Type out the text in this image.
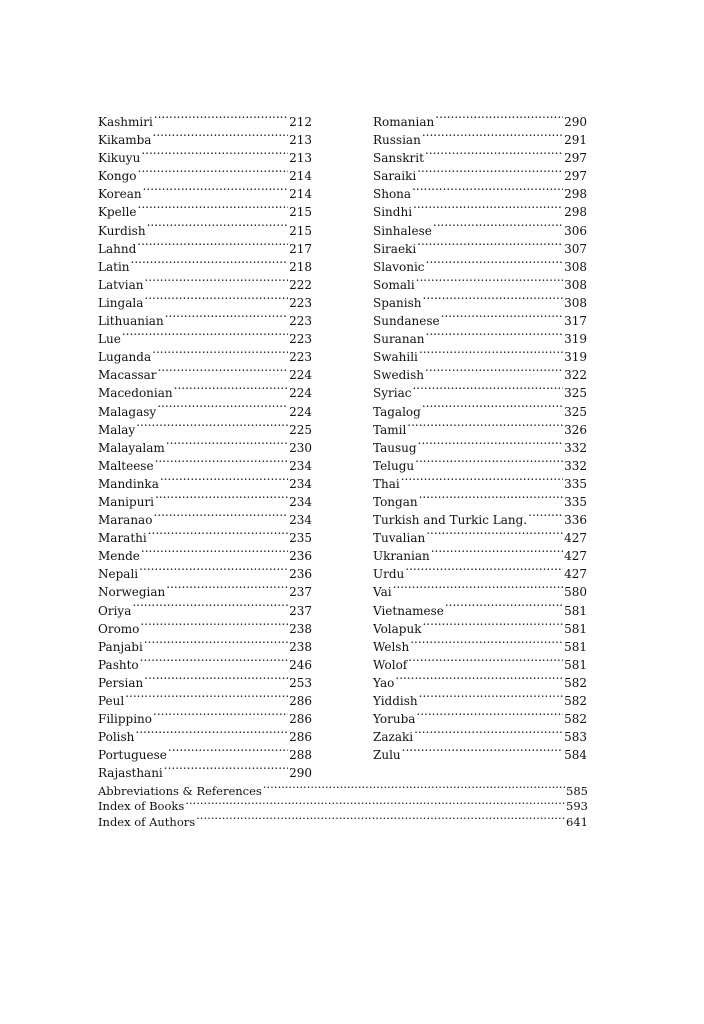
Kashmiri .....	212
Kikamba .....	213
Kikuyu .....	213
Kongo .....	214
Korean .....	214
Kpelle .....	215
Kurdish .....	215
Lahnd .....	217
Latin .....	218
Latvian .....	222
Lingala .....	223
Lithuanian .....	223
Lue .....	223
Luganda .....	223
Macassar .....	224
Macedonian .....	224
Malagasy .....	224
Malay .....	225
Malayalam .....	230
Malteese .....	234
Mandinka .....	234
Manipuri .....	234
Maranao .....	234
Marathi .....	235
Mende .....	236
Nepali .....	236
Norwegian .....	237
Oriya .....	237
Oromo .....	238
Panjabi .....	238
Pashto .....	246
Persian .....	253
Peul .....	286
Filippino .....	286
Polish .....	286
Portuguese .....	288
Rajasthani .....	290
Romanian .....	290
Russian .....	291
Sanskrit .....	297
Saraiki .....	297
Shona .....	298
Sindhi .....	298
Sinhalese .....	306
Siraeki .....	307
Slavonic .....	308
Somali .....	308
Spanish .....	308
Sundanese .....	317
Suranan .....	319
Swahili .....	319
Swedish .....	322
Syriac .....	325
Tagalog .....	325
Tamil .....	326
Tausug .....	332
Telugu .....	332
Thai .....	335
Tongan .....	335
Turkish and Turkic Lang. .....	336
Tuvalian .....	427
Ukranian .....	427
Urdu .....	427
Vai .....	580
Vietnamese .....	581
Volapuk .....	581
Welsh .....	581
Wolof .....	581
Yao .....	582
Yiddish .....	582
Yoruba .....	582
Zazaki .....	583
Zulu .....	584
Abbreviations & References .....	585
Index of Books .....	593
Index of Authors .....	641
